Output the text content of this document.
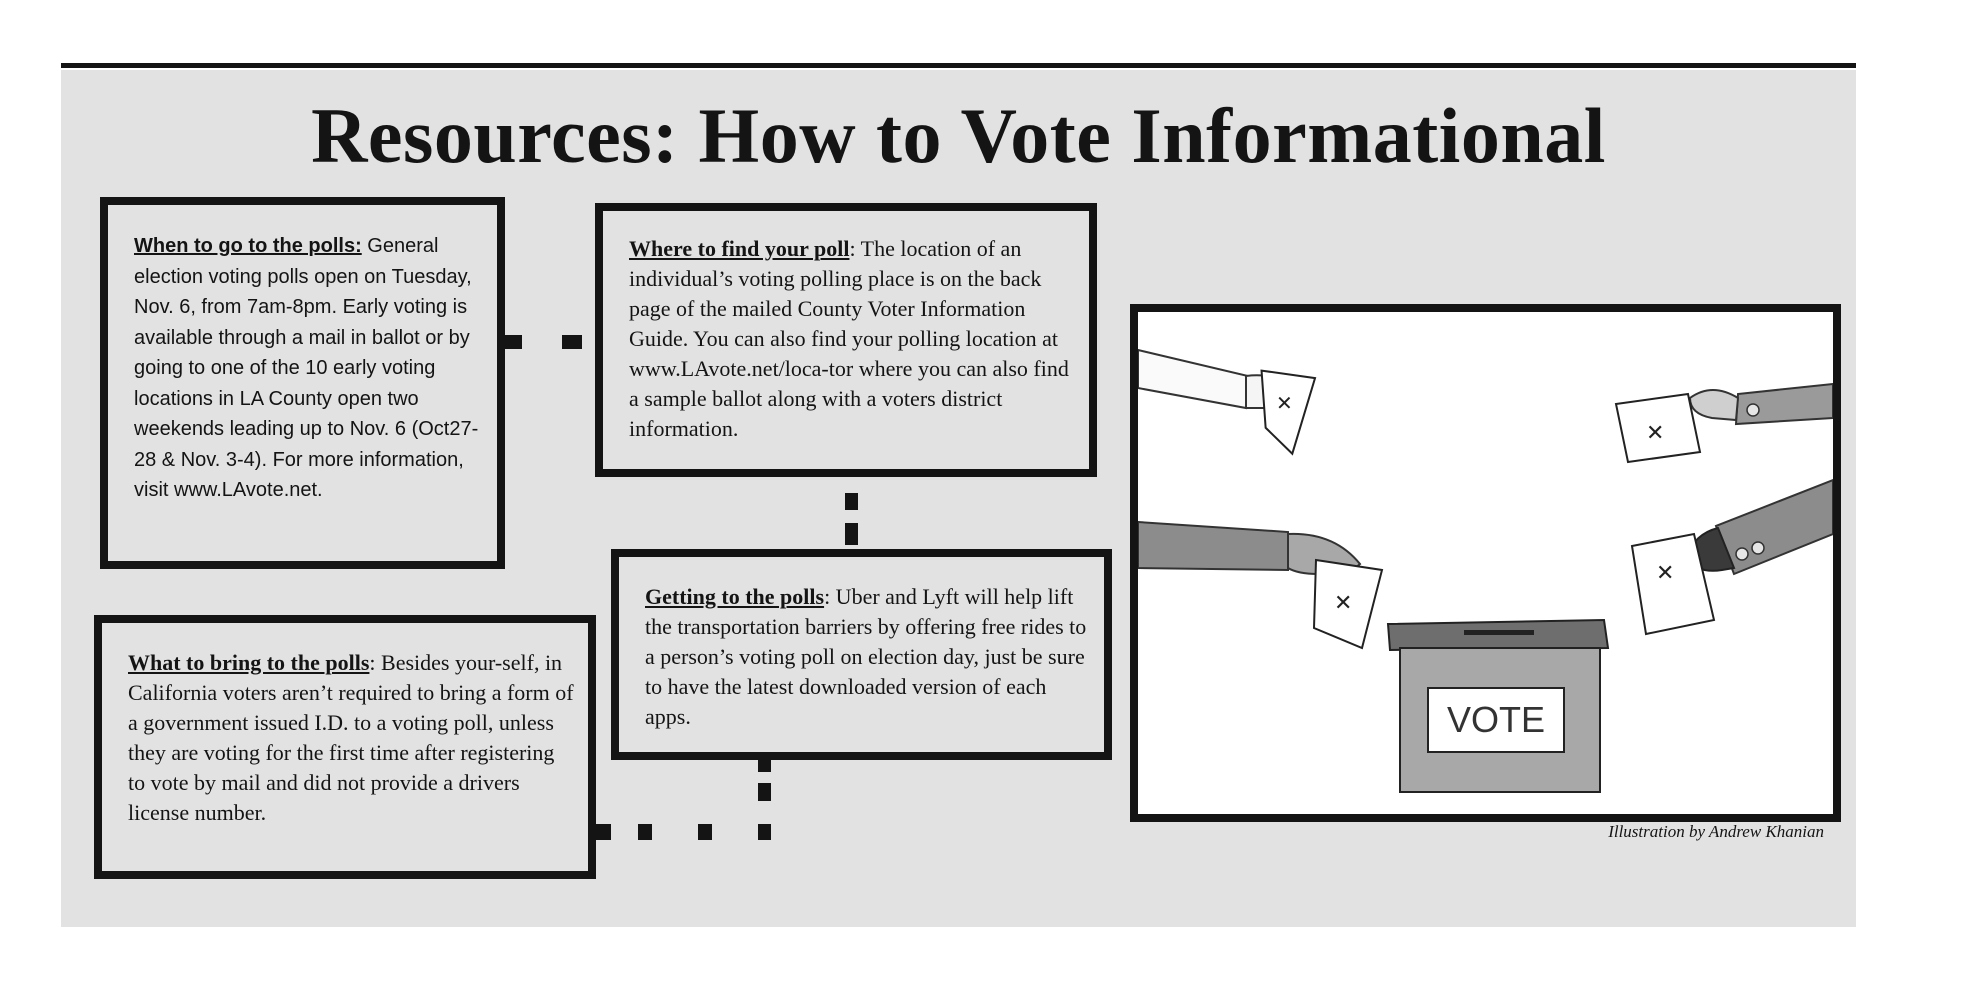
Resources: How to Vote Informational

When to go to the polls: General election voting polls open on Tuesday, Nov. 6, from 7am-8pm. Early voting is available through a mail in ballot or by going to one of the 10 early voting locations in LA County open two weekends leading up to Nov. 6 (Oct27-28 & Nov. 3-4). For more information, visit www.LAvote.net.

Where to find your poll: The location of an individual’s voting polling place is on the back page of the mailed County Voter Information Guide. You can also find your polling location at www.LAvote.net/loca-tor where you can also find a sample ballot along with a voters district information.

Getting to the polls: Uber and Lyft will help lift the transportation barriers by offering free rides to a person’s voting poll on election day, just be sure to have the latest downloaded version of each apps.

What to bring to the polls: Besides your-self, in California voters aren’t required to bring a form of a government issued I.D. to a voting poll, unless they are voting for the first time after registering to vote by mail and did not provide a drivers license number.

✕
✕
✕
✕
VOTE
Illustration by Andrew Khanian
